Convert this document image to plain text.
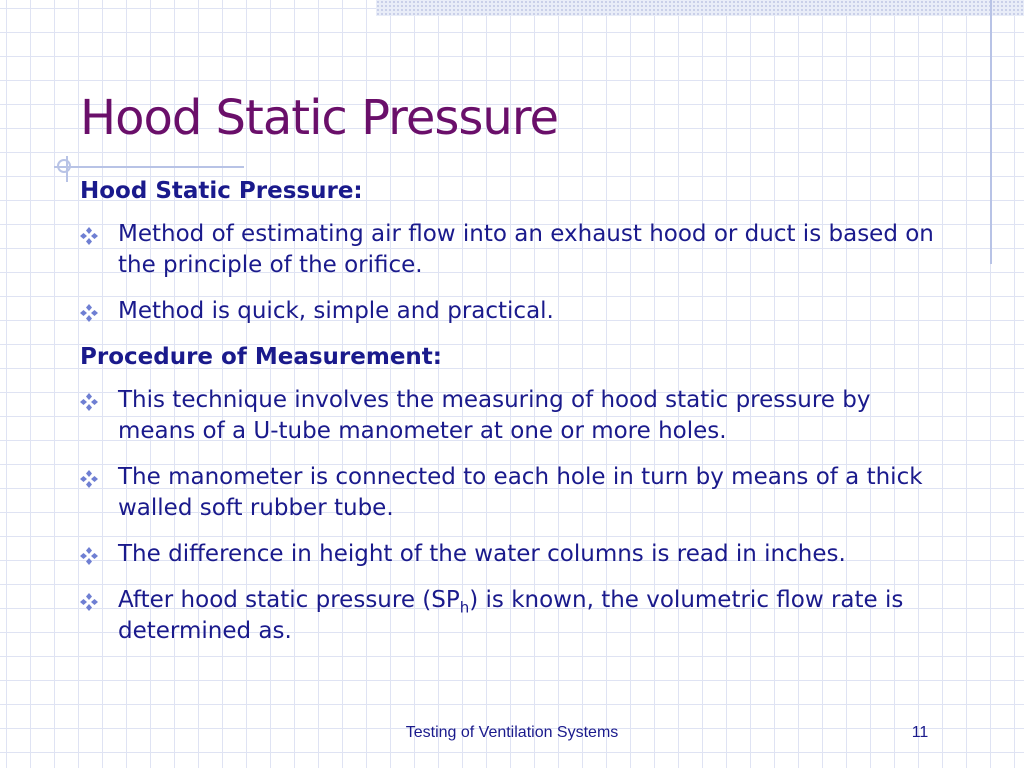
Hood Static Pressure
Hood Static Pressure:
Method of estimating air flow into an exhaust hood or duct is based on the principle of the orifice.
Method is quick, simple and practical.
Procedure of Measurement:
This technique involves the measuring of hood static pressure by means of a U-tube manometer at one or more holes.
The manometer is connected to each hole in turn by means of a thick walled soft rubber tube.
The difference in height of the water columns is read in inches.
After hood static pressure $(SP_h)$ is known, the volumetric flow rate is determined as.
Testing of Ventilation Systems	11
